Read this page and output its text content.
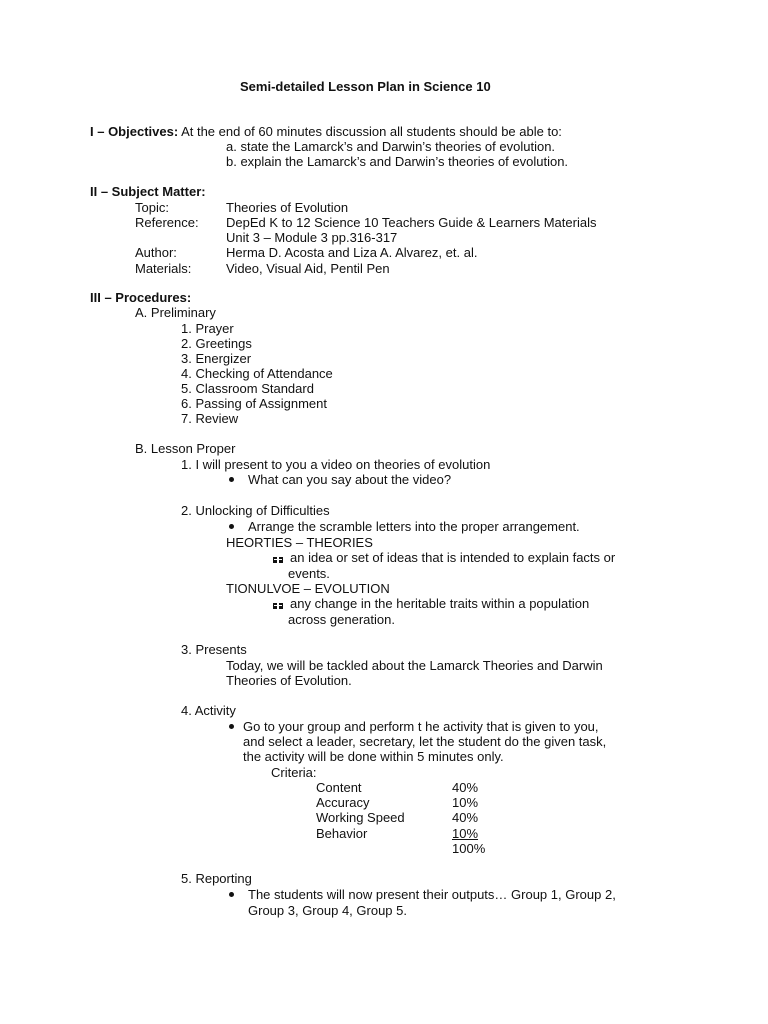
Semi-detailed Lesson Plan in Science 10
I – Objectives: At the end of 60 minutes discussion all students should be able to:
a. state the Lamarck’s and Darwin’s theories of evolution.
b. explain the Lamarck’s and Darwin’s theories of evolution.
II – Subject Matter:
Topic:	Theories of Evolution
Reference: DepEd K to 12 Science 10 Teachers Guide & Learners Materials
Unit 3 – Module 3 pp.316-317
Author:	Herma D. Acosta and Liza A. Alvarez, et. al.
Materials:	Video, Visual Aid, Pentil Pen
III – Procedures:
A. Preliminary
1. Prayer
2. Greetings
3. Energizer
4. Checking of Attendance
5. Classroom Standard
6. Passing of Assignment
7. Review
B. Lesson Proper
1. I will present to you a video on theories of evolution
What can you say about the video?
2. Unlocking of Difficulties
Arrange the scramble letters into the proper arrangement.
HEORTIES – THEORIES
an idea or set of ideas that is intended to explain facts or
events.
TIONULVOE – EVOLUTION
any change in the heritable traits within a population
across generation.
3. Presents
Today, we will be tackled about the Lamarck Theories and Darwin
Theories of Evolution.
4. Activity
Go to your group and perform t he activity that is given to you,
and select a leader, secretary, let the student do the given task,
the activity will be done within 5 minutes only.
Criteria:
Content	40%
Accuracy	10%
Working Speed	40%
Behavior	10%
100%
5. Reporting
The students will now present their outputs… Group 1, Group 2,
Group 3, Group 4, Group 5.
